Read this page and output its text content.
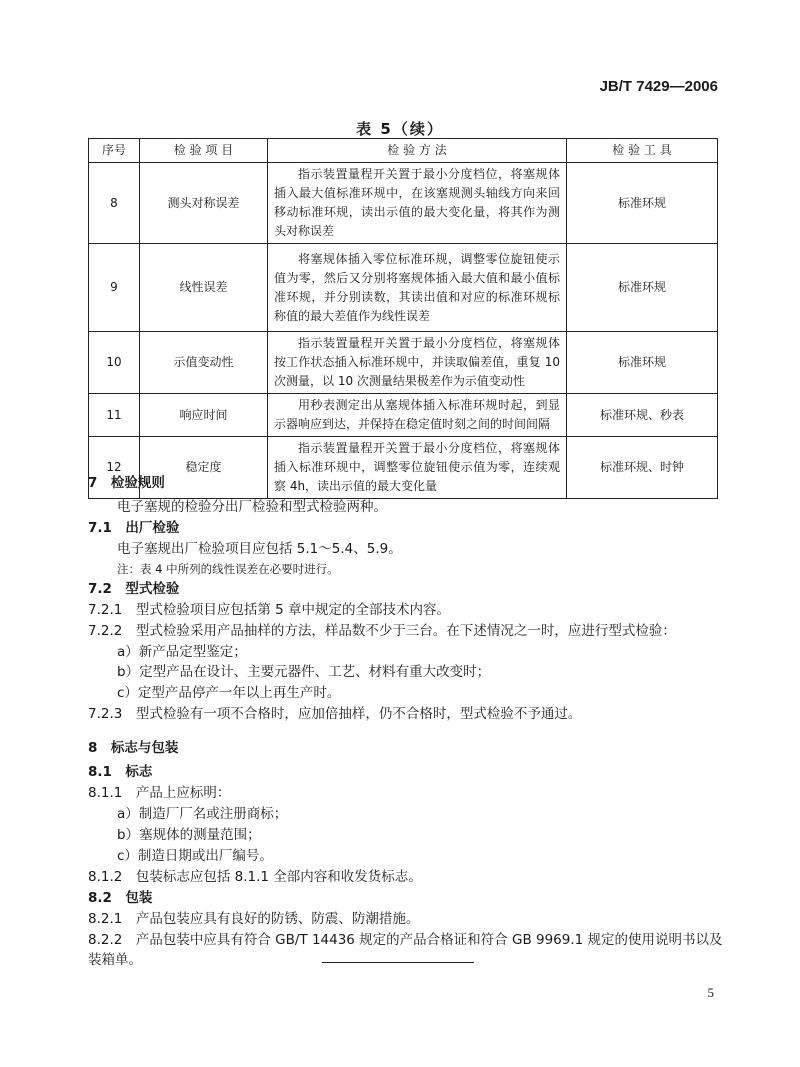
JB/T 7429—2006
表 5（续）
序号	检 验 项 目	检 验 方 法	检 验 工 具
8	测头对称误差	指示装置量程开关置于最小分度档位，将塞规体插入最大值标准环规中，在该塞规测头轴线方向来回移动标准环规，读出示值的最大变化量，将其作为测头对称误差	标准环规
9	线性误差	将塞规体插入零位标准环规，调整零位旋钮使示值为零，然后又分别将塞规体插入最大值和最小值标准环规，并分别读数，其读出值和对应的标准环规标称值的最大差值作为线性误差	标准环规
10	示值变动性	指示装置量程开关置于最小分度档位，将塞规体按工作状态插入标准环规中，并读取偏差值，重复 10 次测量，以 10 次测量结果极差作为示值变动性	标准环规
11	响应时间	用秒表测定出从塞规体插入标准环规时起，到显示器响应到达，并保持在稳定值时刻之间的时间间隔	标准环规、秒表
12	稳定度	指示装置量程开关置于最小分度档位，将塞规体插入标准环规中，调整零位旋钮使示值为零，连续观察 4h，读出示值的最大变化量	标准环规、时钟
7　检验规则
电子塞规的检验分出厂检验和型式检验两种。
7.1　出厂检验
电子塞规出厂检验项目应包括 5.1～5.4、5.9。
注：表 4 中所列的线性误差在必要时进行。
7.2　型式检验
7.2.1　型式检验项目应包括第 5 章中规定的全部技术内容。
7.2.2　型式检验采用产品抽样的方法，样品数不少于三台。在下述情况之一时，应进行型式检验：
a）新产品定型鉴定；
b）定型产品在设计、主要元器件、工艺、材料有重大改变时；
c）定型产品停产一年以上再生产时。
7.2.3　型式检验有一项不合格时，应加倍抽样，仍不合格时，型式检验不予通过。
8　标志与包装
8.1　标志
8.1.1　产品上应标明：
a）制造厂厂名或注册商标；
b）塞规体的测量范围；
c）制造日期或出厂编号。
8.1.2　包装标志应包括 8.1.1 全部内容和收发货标志。
8.2　包装
8.2.1　产品包装应具有良好的防锈、防震、防潮措施。
8.2.2　产品包装中应具有符合 GB/T 14436 规定的产品合格证和符合 GB 9969.1 规定的使用说明书以及
装箱单。
5
